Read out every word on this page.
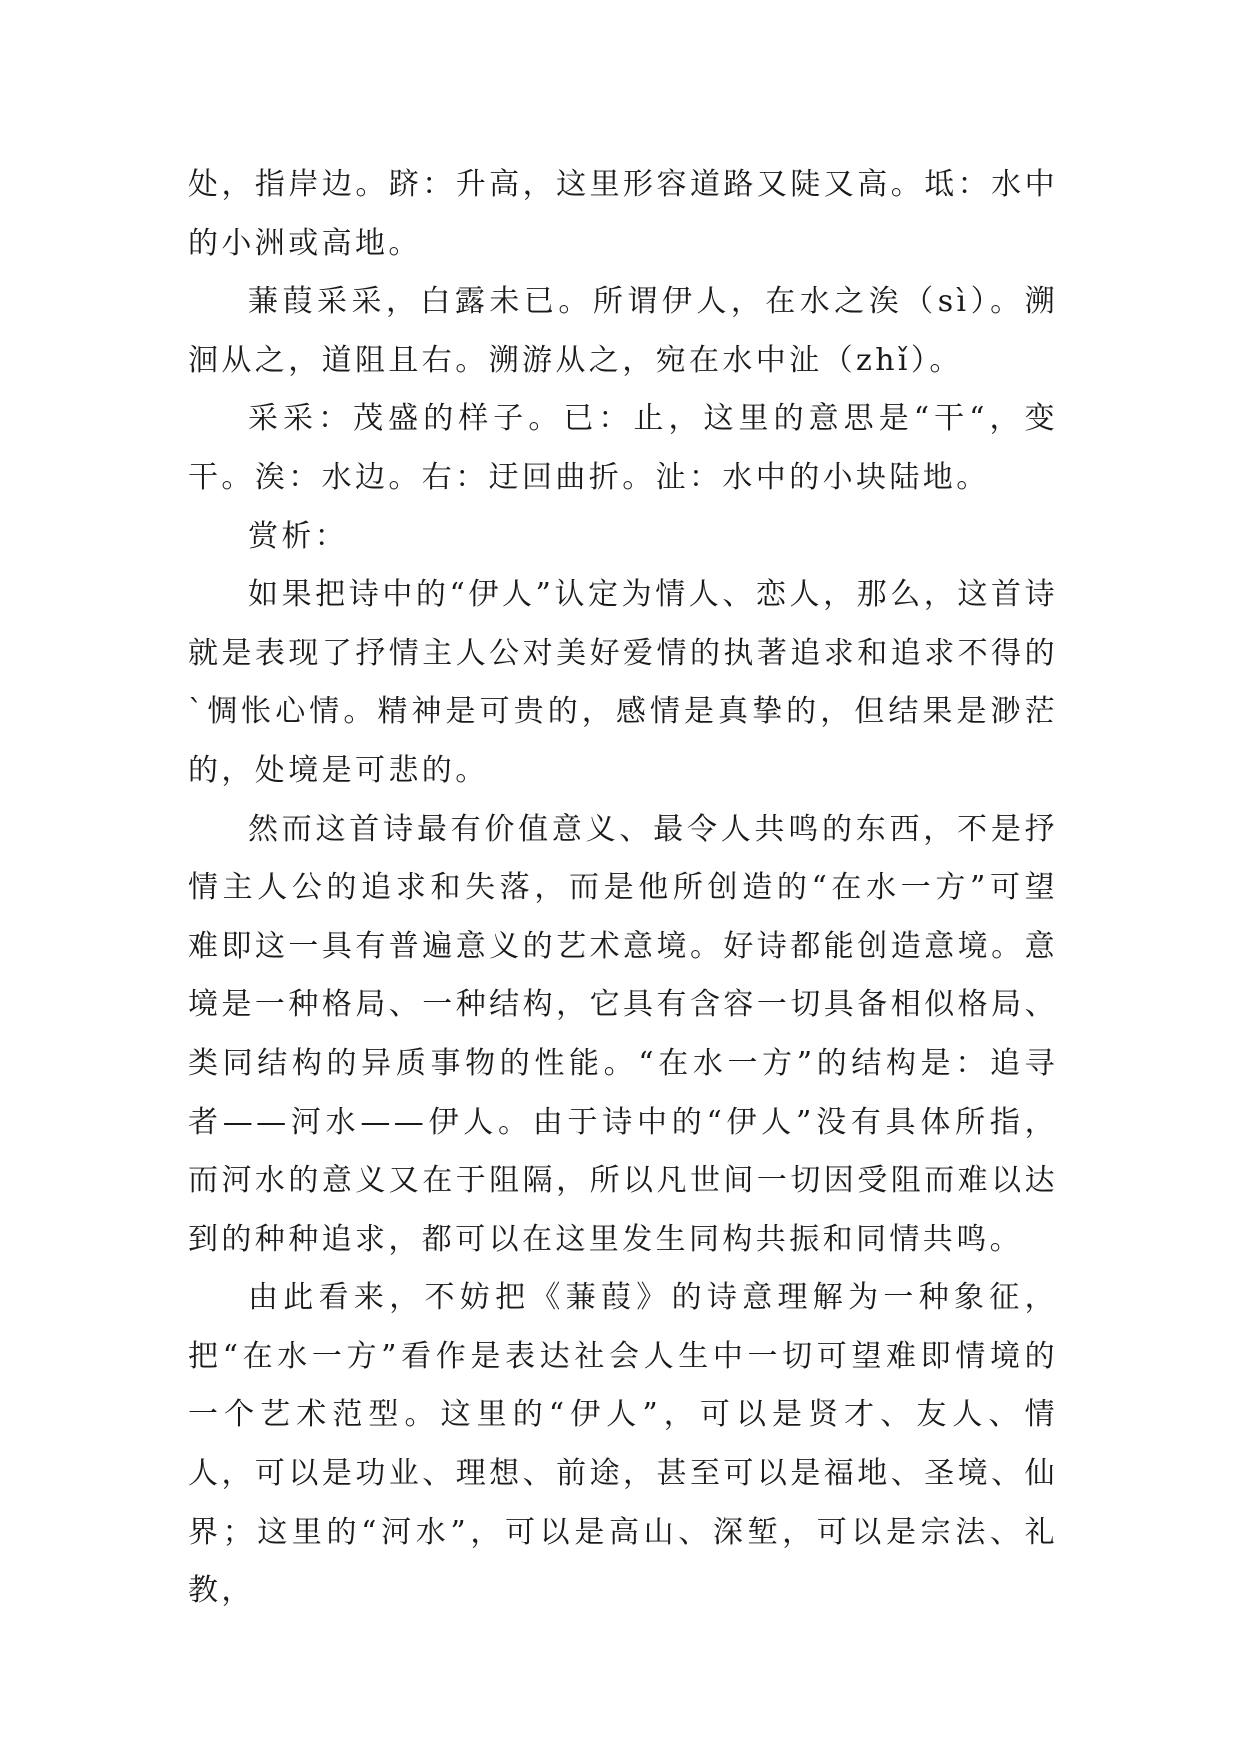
处，指岸边。跻：升高，这里形容道路又陡又高。坻：水中的小洲或高地。

蒹葭采采，白露未已。所谓伊人，在水之涘（sì）。溯洄从之，道阻且右。溯游从之，宛在水中沚（zhǐ）。

采采：茂盛的样子。已：止，这里的意思是“干“，变干。涘：水边。右：迂回曲折。沚：水中的小块陆地。

赏析：

如果把诗中的“伊人”认定为情人、恋人，那么，这首诗就是表现了抒情主人公对美好爱情的执著追求和追求不得的`惆怅心情。精神是可贵的，感情是真挚的，但结果是渺茫的，处境是可悲的。

然而这首诗最有价值意义、最令人共鸣的东西，不是抒情主人公的追求和失落，而是他所创造的“在水一方”可望难即这一具有普遍意义的艺术意境。好诗都能创造意境。意境是一种格局、一种结构，它具有含容一切具备相似格局、类同结构的异质事物的性能。“在水一方”的结构是：追寻者——河水——伊人。由于诗中的“伊人”没有具体所指，而河水的意义又在于阻隔，所以凡世间一切因受阻而难以达到的种种追求，都可以在这里发生同构共振和同情共鸣。

由此看来，不妨把《蒹葭》的诗意理解为一种象征，把“在水一方”看作是表达社会人生中一切可望难即情境的一个艺术范型。这里的“伊人”，可以是贤才、友人、情人，可以是功业、理想、前途，甚至可以是福地、圣境、仙界；这里的“河水”，可以是高山、深堑，可以是宗法、礼教，
